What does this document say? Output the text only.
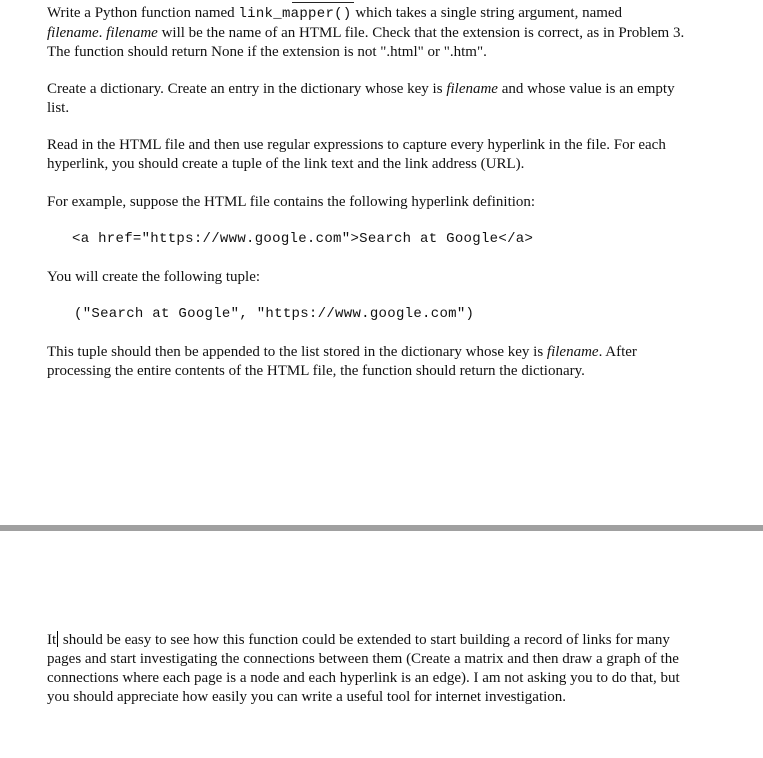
Write a Python function named link_mapper() which takes a single string argument, named
filename. filename will be the name of an HTML file. Check that the extension is correct, as in Problem 3. The function should return None if the extension is not ".html" or ".htm".

Create a dictionary. Create an entry in the dictionary whose key is filename and whose value is an empty list.

Read in the HTML file and then use regular expressions to capture every hyperlink in the file. For each hyperlink, you should create a tuple of the link text and the link address (URL).

For example, suppose the HTML file contains the following hyperlink definition:

<a href="https://www.google.com">Search at Google</a>

You will create the following tuple:

("Search at Google", "https://www.google.com")

This tuple should then be appended to the list stored in the dictionary whose key is filename. After processing the entire contents of the HTML file, the function should return the dictionary.

It should be easy to see how this function could be extended to start building a record of links for many pages and start investigating the connections between them (Create a matrix and then draw a graph of the connections where each page is a node and each hyperlink is an edge). I am not asking you to do that, but you should appreciate how easily you can write a useful tool for internet investigation.
